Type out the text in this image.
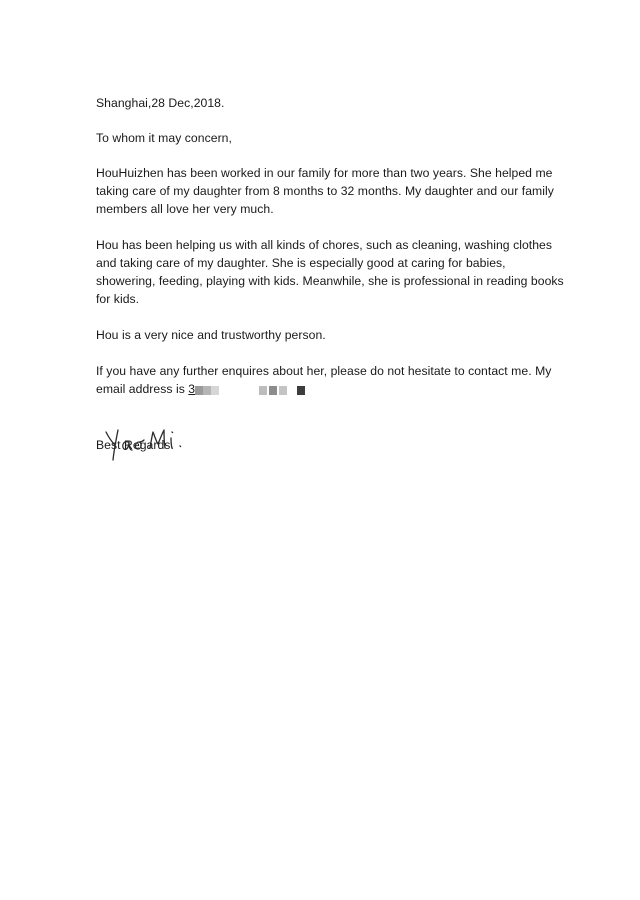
Shanghai,28 Dec,2018.

To whom it may concern,

HouHuizhen has been worked in our family for more than two years. She helped me taking care of my daughter from 8 months to 32 months. My daughter and our family members all love her very much.

Hou has been helping us with all kinds of chores, such as cleaning, washing clothes and taking care of my daughter. She is especially good at caring for babies, showering, feeding, playing with kids. Meanwhile, she is professional in reading books for kids.

Hou is a very nice and trustworthy person.

If you have any further enquires about her, please do not hesitate to contact me. My email address is 3

Best Regards.
